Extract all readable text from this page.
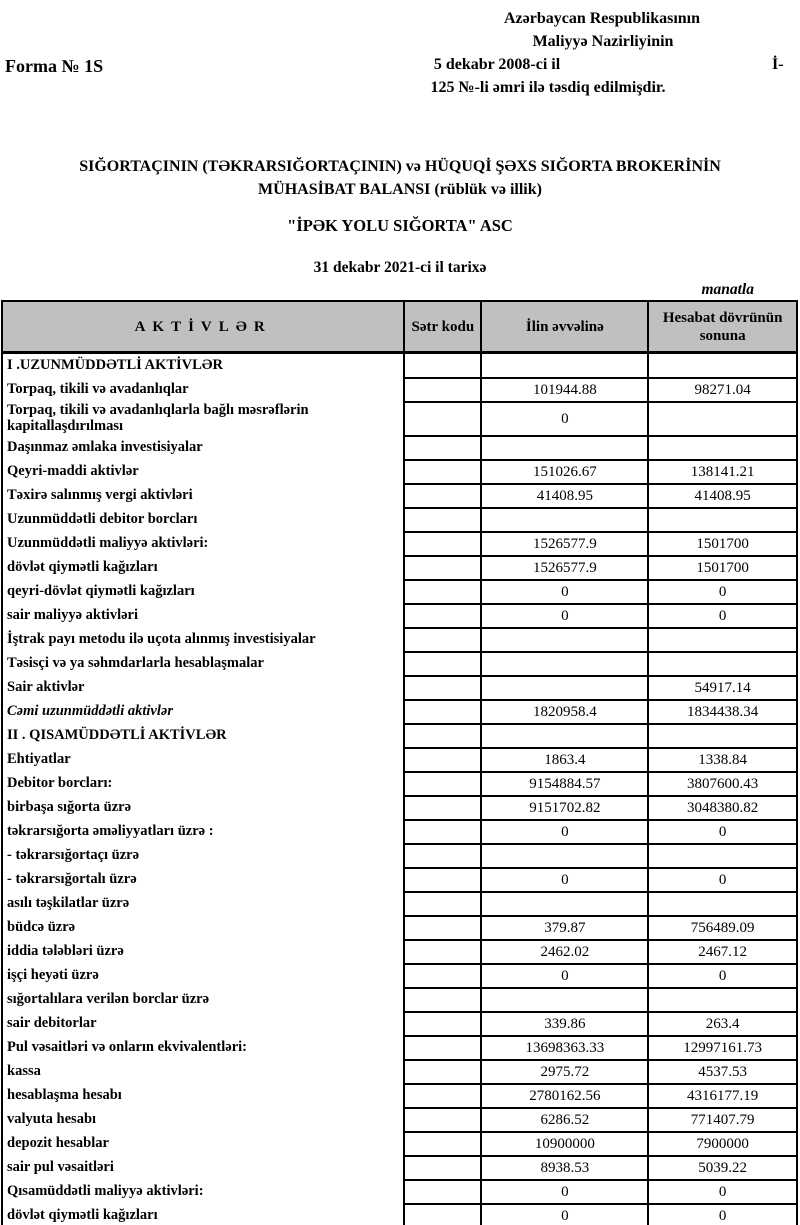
Forma № 1S
Azərbaycan Respublikasının
Maliyyə Nazirliyinin
5 dekabr 2008-ci il	İ-
125 №-li əmri ilə təsdiq edilmişdir.
SIĞORTAÇININ (TƏKRARSIĞORTAÇININ) və HÜQUQİ ŞƏXS SIĞORTA BROKERİNİN
MÜHASİBAT BALANSI (rüblük və illik)
"İPƏK YOLU SIĞORTA" ASC
31 dekabr 2021-ci il tarixə
manatla
AKTİVLƏR	Sətr kodu	İlin əvvəlinə	Hesabat dövrünün sonuna
I .UZUNMÜDDƏTLİ AKTİVLƏR			
Torpaq, tikili və avadanlıqlar		101944.88	98271.04
Torpaq, tikili və avadanlıqlarla bağlı məsrəflərin kapitallaşdırılması		0	
Daşınmaz əmlaka investisiyalar			
Qeyri-maddi aktivlər		151026.67	138141.21
Təxirə salınmış vergi aktivləri		41408.95	41408.95
Uzunmüddətli debitor borcları			
Uzunmüddətli maliyyə aktivləri:		1526577.9	1501700
dövlət qiymətli kağızları		1526577.9	1501700
qeyri-dövlət qiymətli kağızları		0	0
sair maliyyə aktivləri		0	0
İştrak payı metodu ilə uçota alınmış investisiyalar			
Təsisçi və ya səhmdarlarla hesablaşmalar			
Sair aktivlər			54917.14
Cəmi uzunmüddətli aktivlər		1820958.4	1834438.34
II . QISAMÜDDƏTLİ AKTİVLƏR			
Ehtiyatlar		1863.4	1338.84
Debitor borcları:		9154884.57	3807600.43
birbaşa sığorta üzrə		9151702.82	3048380.82
təkrarsığorta əməliyyatları üzrə :		0	0
- təkrarsığortaçı üzrə			
- təkrarsığortalı üzrə		0	0
asılı təşkilatlar üzrə			
büdcə üzrə		379.87	756489.09
iddia tələbləri üzrə		2462.02	2467.12
işçi heyəti üzrə		0	0
sığortalılara verilən borclar üzrə			
sair debitorlar		339.86	263.4
Pul vəsaitləri və onların ekvivalentləri:		13698363.33	12997161.73
kassa		2975.72	4537.53
hesablaşma hesabı		2780162.56	4316177.19
valyuta hesabı		6286.52	771407.79
depozit hesablar		10900000	7900000
sair pul vəsaitləri		8938.53	5039.22
Qısamüddətli maliyyə aktivləri:		0	0
dövlət qiymətli kağızları		0	0
